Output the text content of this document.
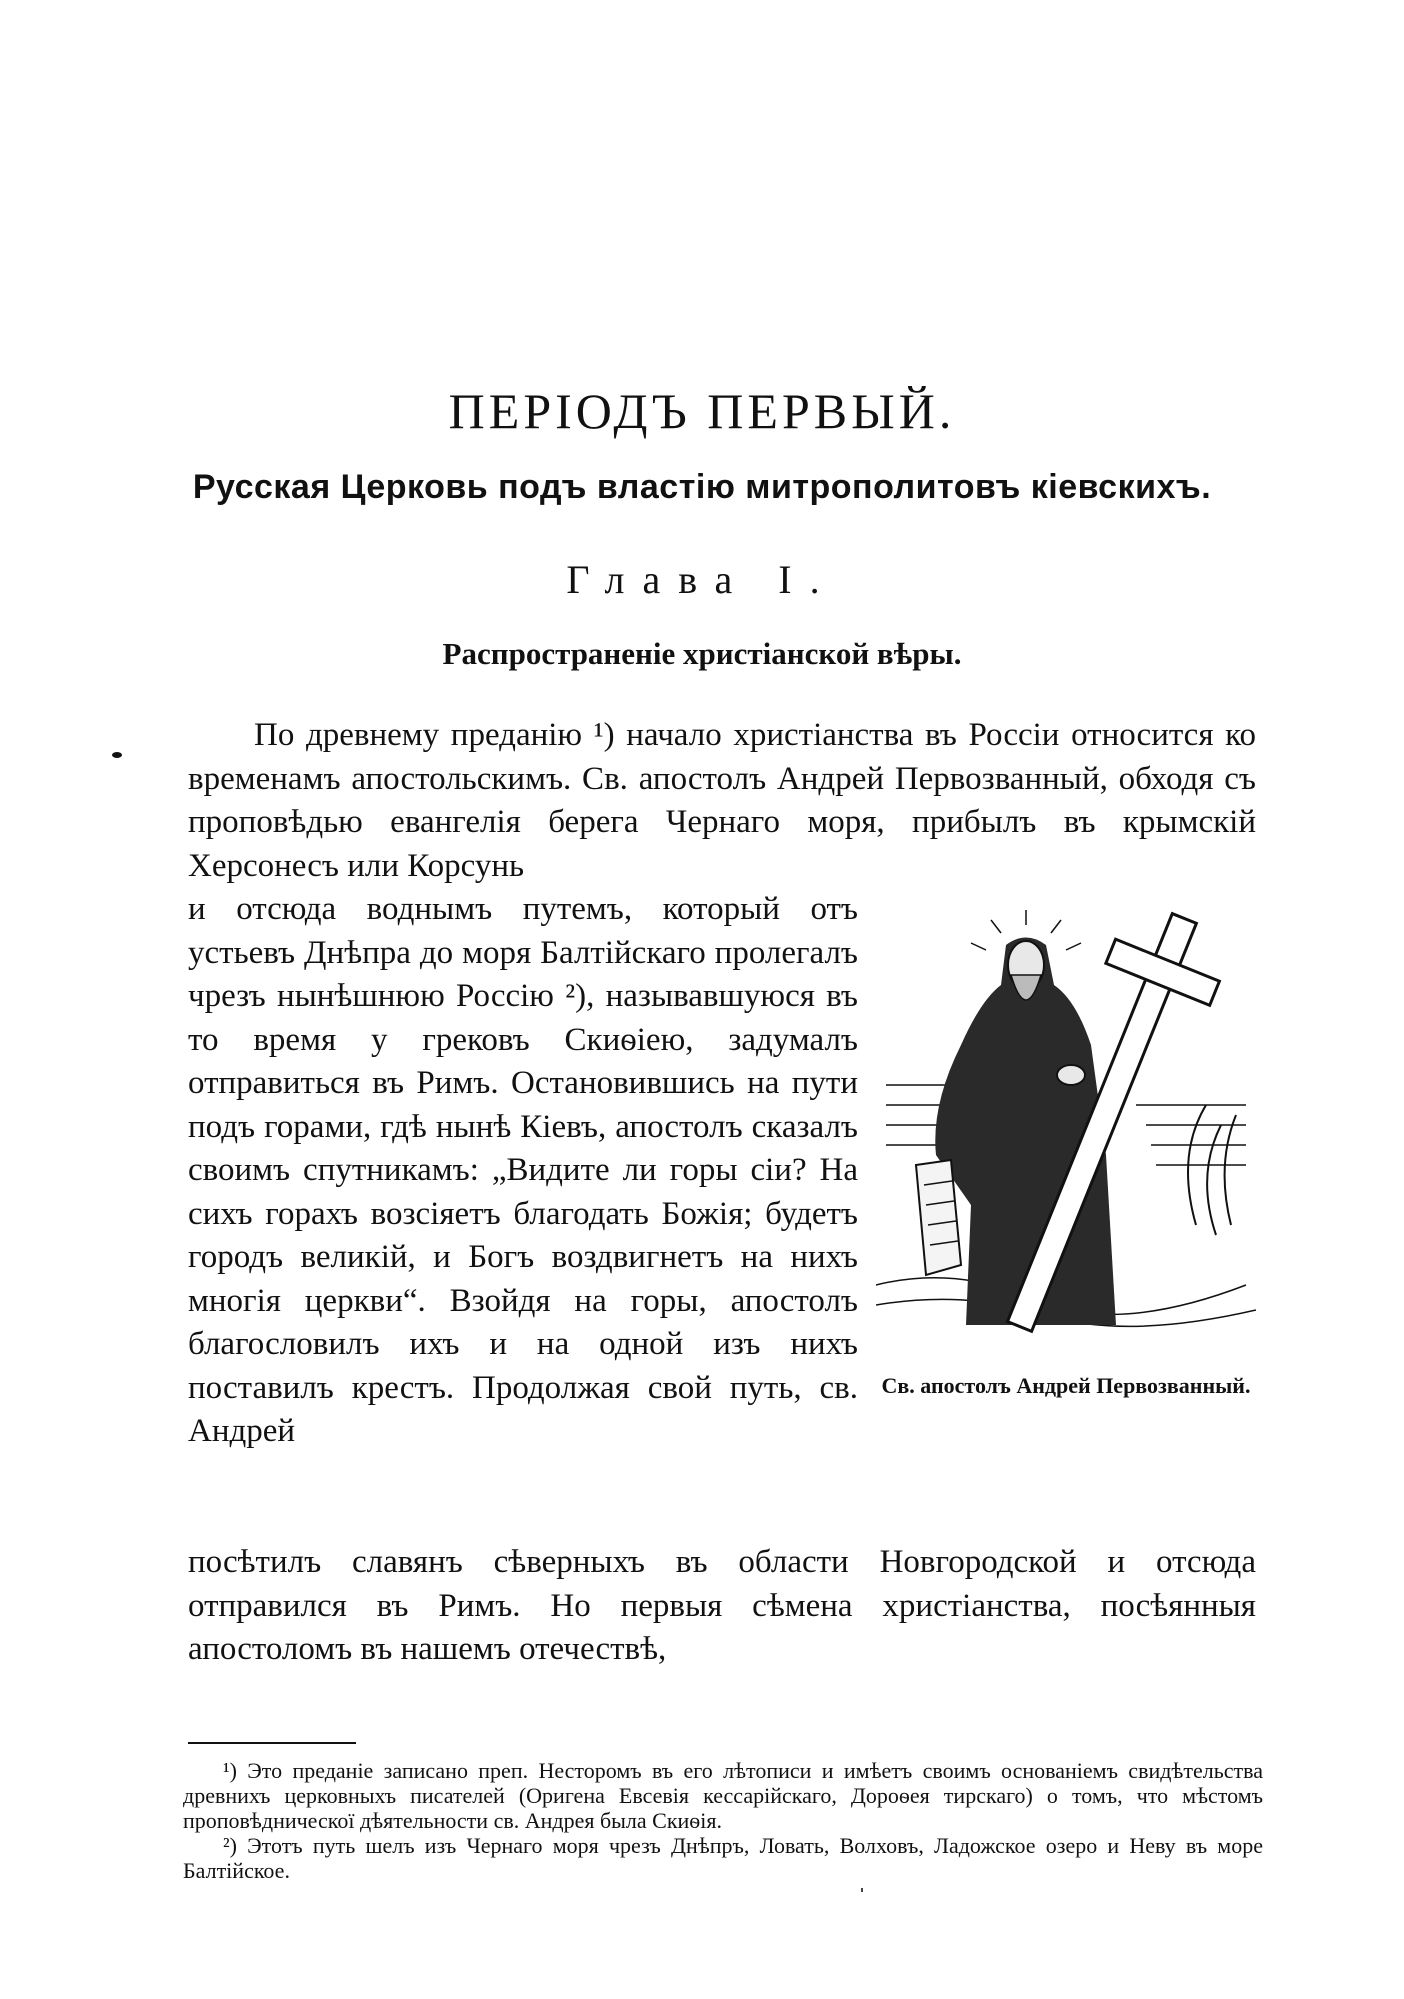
ПЕРІОДЪ ПЕРВЫЙ.
Русская Церковь подъ властію митрополитовъ кіевскихъ.
Глава I.
Распространеніе христіанской вѣры.
По древнему преданію ¹) начало христіанства въ Россіи относится ко временамъ апостольскимъ. Св. апостолъ Андрей Первозванный, обходя съ проповѣдью евангелія берега Чернаго моря, прибылъ въ крымскій Херсонесъ или Корсунь
и отсюда воднымъ путемъ, который отъ устьевъ Днѣпра до моря Балтійскаго пролегалъ чрезъ нынѣшнюю Россію ²), называвшуюся въ то время у грековъ Скиѳіею, задумалъ отправиться въ Римъ. Остановившись на пути подъ горами, гдѣ нынѣ Кіевъ, апостолъ сказалъ своимъ спутникамъ: „Видите ли горы сіи? На сихъ горахъ возсіяетъ благодать Божія; будетъ городъ великій, и Богъ воздвигнетъ на нихъ многія церкви“. Взойдя на горы, апостолъ благословилъ ихъ и на одной изъ нихъ поставилъ крестъ. Продолжая свой путь, св. Андрей
Св. апостолъ Андрей Первозванный.
посѣтилъ славянъ сѣверныхъ въ области Новгородской и отсюда отправился въ Римъ. Но первыя сѣмена христіанства, посѣянныя апостоломъ въ нашемъ отечествѣ,

¹) Это преданіе записано преп. Несторомъ въ его лѣтописи и имѣетъ своимъ основаніемъ свидѣтельства древнихъ церковныхъ писателей (Оригена Евсевія кессарійскаго, Дороѳея тирскаго) о томъ, что мѣстомъ проповѣдническої дѣятельности св. Андрея была Скиѳія.

²) Этотъ путь шелъ изъ Чернаго моря чрезъ Днѣпръ, Ловать, Волховъ, Ладожское озеро и Неву въ море Балтійское.
